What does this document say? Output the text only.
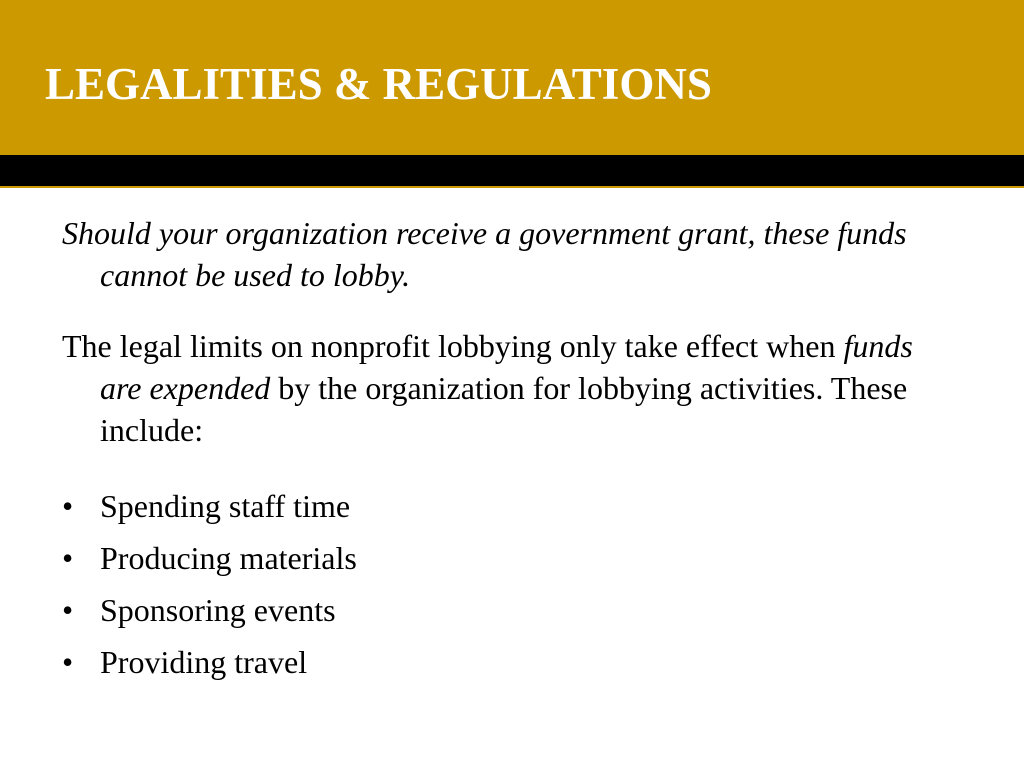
LEGALITIES & REGULATIONS

Should your organization receive a government grant, these funds cannot be used to lobby.

The legal limits on nonprofit lobbying only take effect when funds are expended by the organization for lobbying activities. These include:

• Spending staff time
• Producing materials
• Sponsoring events
• Providing travel
